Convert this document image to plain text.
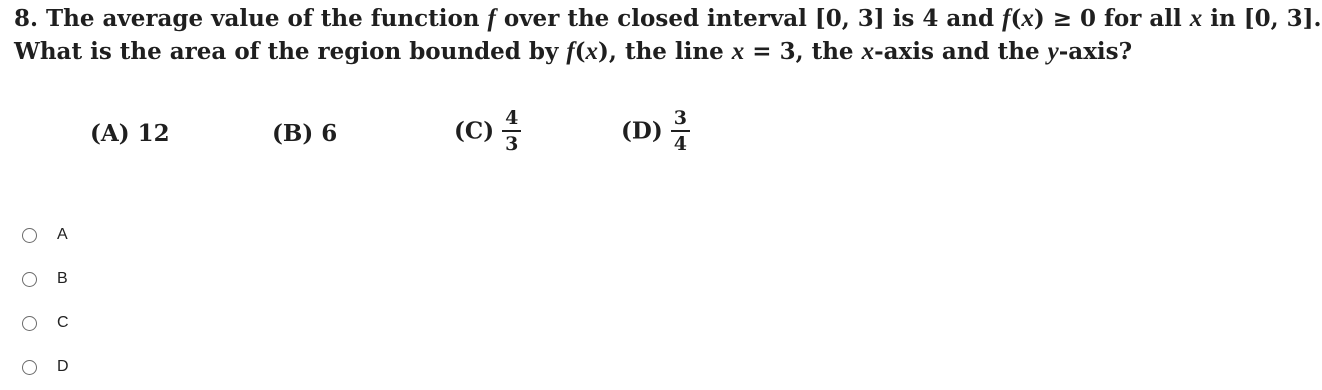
8. The average value of the function f over the closed interval [0, 3] is 4 and f(x) ≥ 0 for all x in [0, 3].
What is the area of the region bounded by f(x), the line x = 3, the x-axis and the y-axis?
(A) 12	(B) 6	$(C) \frac{4}{3}$	$(D) \frac{3}{4}$
A
B
C
D
